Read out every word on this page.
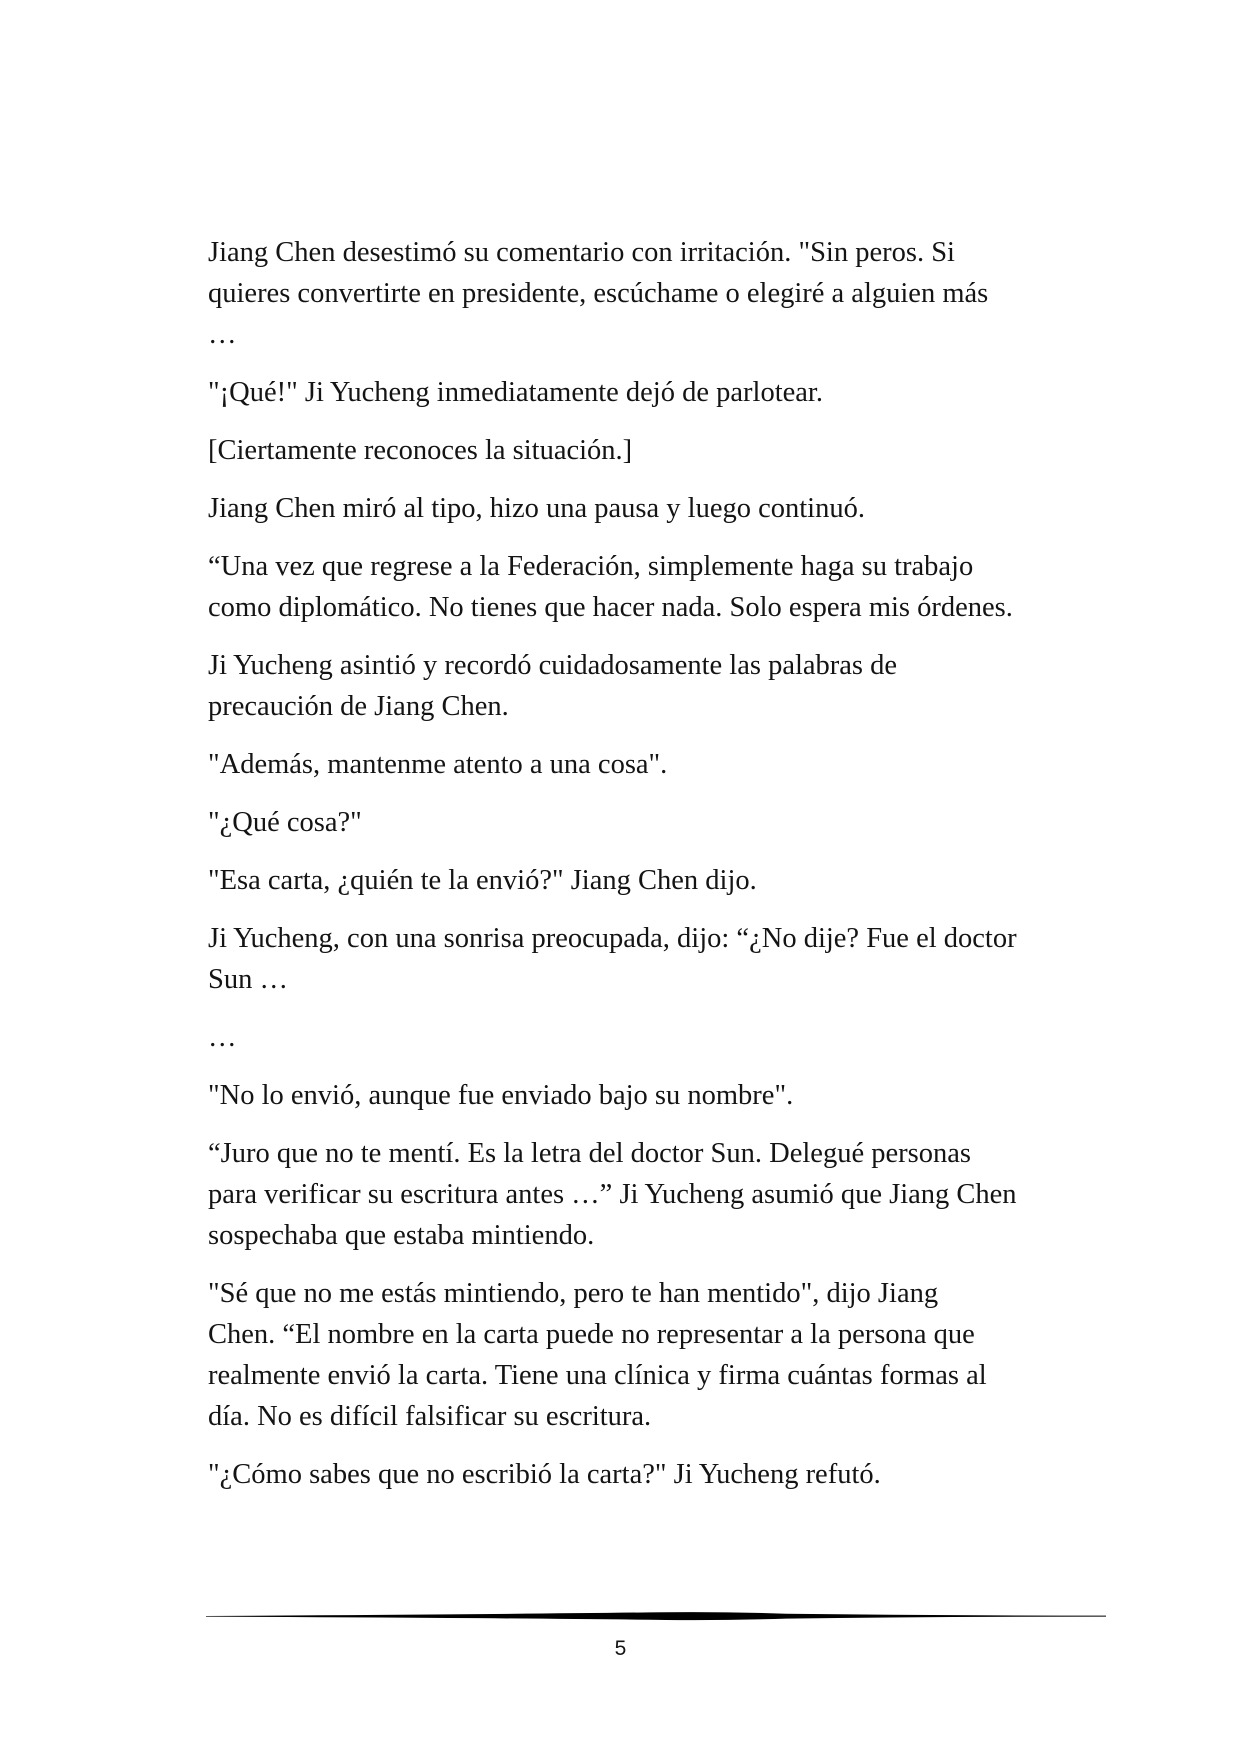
Jiang Chen desestimó su comentario con irritación. "Sin peros. Si
quieres convertirte en presidente, escúchame o elegiré a alguien más
…

"¡Qué!" Ji Yucheng inmediatamente dejó de parlotear.

[Ciertamente reconoces la situación.]

Jiang Chen miró al tipo, hizo una pausa y luego continuó.

“Una vez que regrese a la Federación, simplemente haga su trabajo
como diplomático. No tienes que hacer nada. Solo espera mis órdenes.

Ji Yucheng asintió y recordó cuidadosamente las palabras de
precaución de Jiang Chen.

"Además, mantenme atento a una cosa".

"¿Qué cosa?"

"Esa carta, ¿quién te la envió?" Jiang Chen dijo.

Ji Yucheng, con una sonrisa preocupada, dijo: “¿No dije? Fue el doctor
Sun …

…

"No lo envió, aunque fue enviado bajo su nombre".

“Juro que no te mentí. Es la letra del doctor Sun. Delegué personas
para verificar su escritura antes …” Ji Yucheng asumió que Jiang Chen
sospechaba que estaba mintiendo.

"Sé que no me estás mintiendo, pero te han mentido", dijo Jiang
Chen. “El nombre en la carta puede no representar a la persona que
realmente envió la carta. Tiene una clínica y firma cuántas formas al
día. No es difícil falsificar su escritura.

"¿Cómo sabes que no escribió la carta?" Ji Yucheng refutó.

5
